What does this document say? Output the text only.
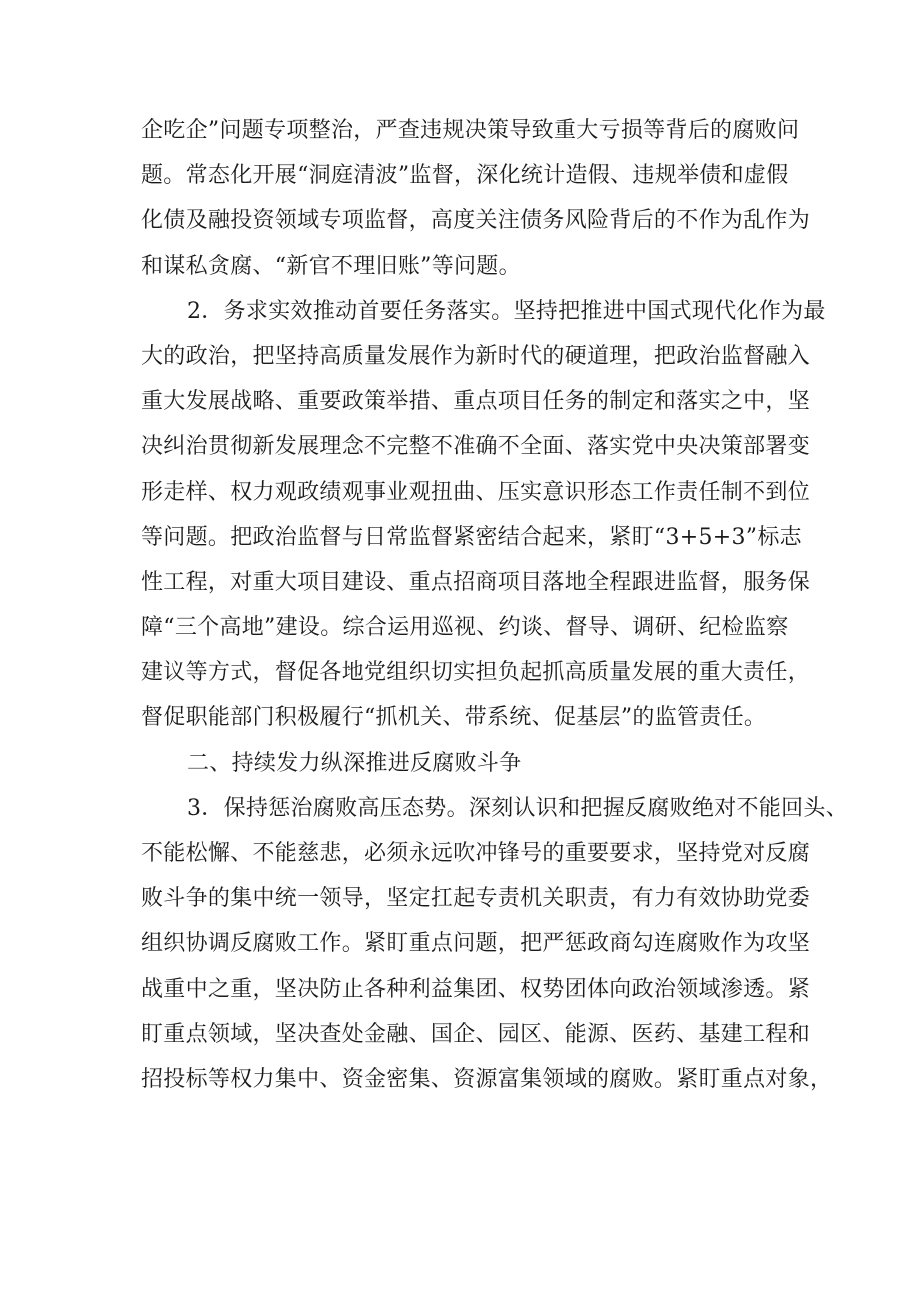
企吃企”问题专项整治，严查违规决策导致重大亏损等背后的腐败问
题。常态化开展“洞庭清波”监督，深化统计造假、违规举债和虚假
化债及融投资领域专项监督，高度关注债务风险背后的不作为乱作为
和谋私贪腐、“新官不理旧账”等问题。
2．务求实效推动首要任务落实。坚持把推进中国式现代化作为最
大的政治，把坚持高质量发展作为新时代的硬道理，把政治监督融入
重大发展战略、重要政策举措、重点项目任务的制定和落实之中，坚
决纠治贯彻新发展理念不完整不准确不全面、落实党中央决策部署变
形走样、权力观政绩观事业观扭曲、压实意识形态工作责任制不到位
等问题。把政治监督与日常监督紧密结合起来，紧盯“3+5+3”标志
性工程，对重大项目建设、重点招商项目落地全程跟进监督，服务保
障“三个高地”建设。综合运用巡视、约谈、督导、调研、纪检监察
建议等方式，督促各地党组织切实担负起抓高质量发展的重大责任，
督促职能部门积极履行“抓机关、带系统、促基层”的监管责任。
二、持续发力纵深推进反腐败斗争
3．保持惩治腐败高压态势。深刻认识和把握反腐败绝对不能回头、
不能松懈、不能慈悲，必须永远吹冲锋号的重要要求，坚持党对反腐
败斗争的集中统一领导，坚定扛起专责机关职责，有力有效协助党委
组织协调反腐败工作。紧盯重点问题，把严惩政商勾连腐败作为攻坚
战重中之重，坚决防止各种利益集团、权势团体向政治领域渗透。紧
盯重点领域，坚决查处金融、国企、园区、能源、医药、基建工程和
招投标等权力集中、资金密集、资源富集领域的腐败。紧盯重点对象，
